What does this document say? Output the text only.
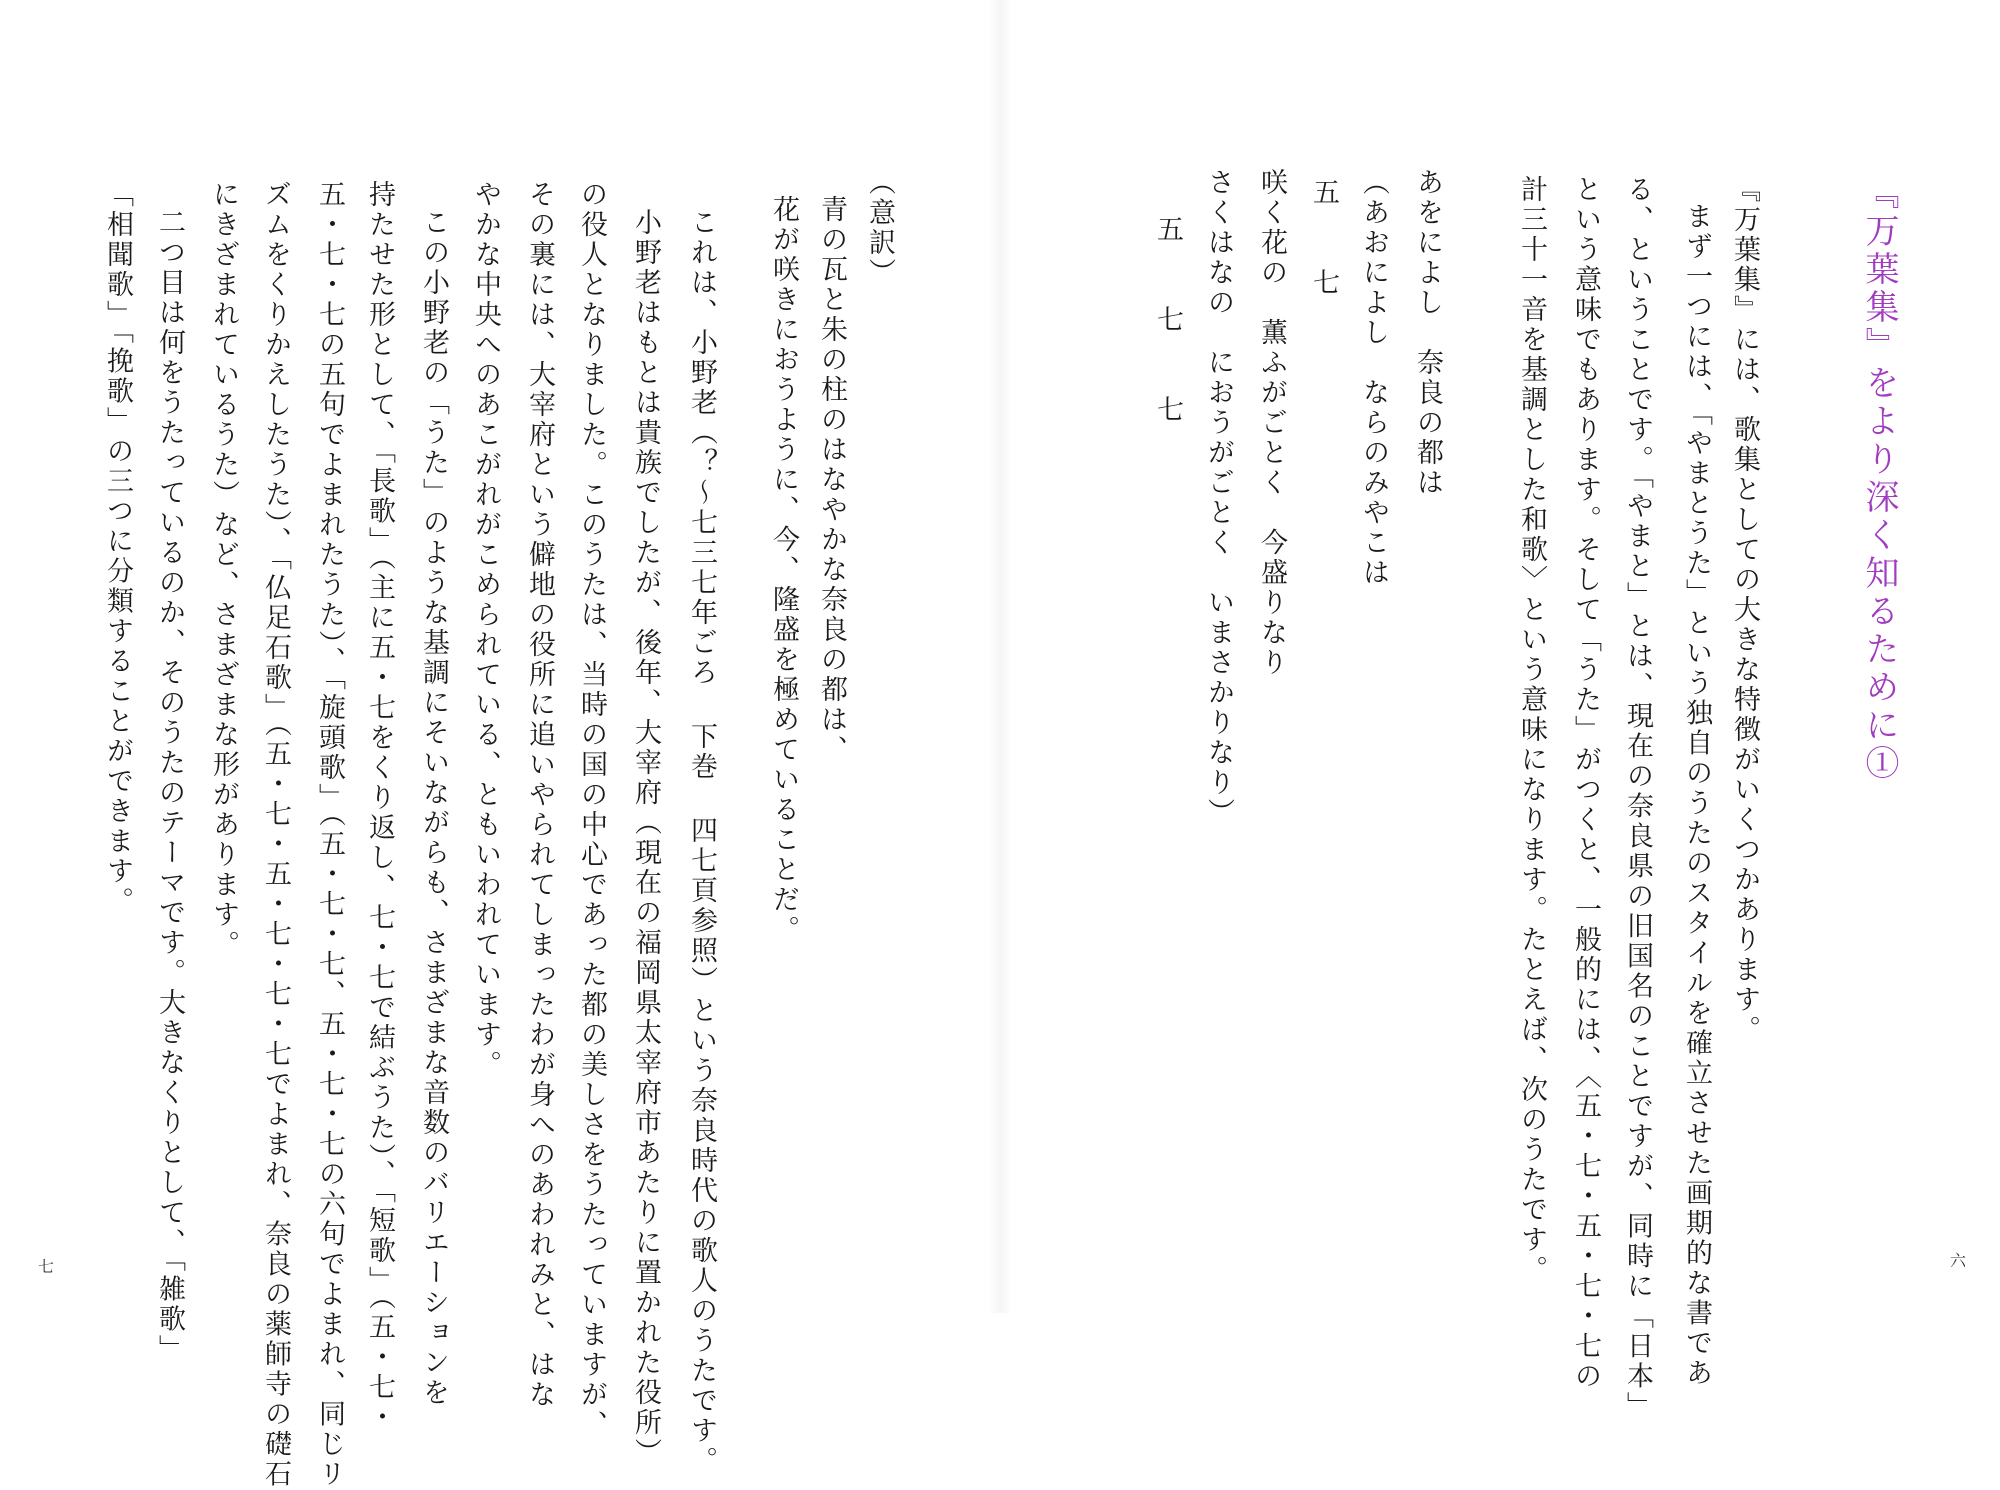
『万葉集』をより深く知るために①
『万葉集』には、歌集としての大きな特徴がいくつかあります。
まず一つには、「やまとうた」という独自のうたのスタイルを確立させた画期的な書であ
る、ということです。「やまと」とは、現在の奈良県の旧国名のことですが、同時に「日本」
という意味でもあります。そして「うた」がつくと、一般的には、〈五・七・五・七・七の
計三十一音を基調とした和歌〉という意味になります。たとえば、次のうたです。
あをによし　奈良の都は
（あおによし　ならのみやこは
五　　七
咲く花の　薫ふがごとく　今盛りなり
さくはなの　におうがごとく　いまさかりなり）
五　　七　　七
六
（意訳）
青の瓦と朱の柱のはなやかな奈良の都は、
花が咲きにおうように、今、隆盛を極めていることだ。
これは、小野老（？〜七三七年ごろ 下巻 四七頁参照）という奈良時代の歌人のうたです。
小野老はもとは貴族でしたが、後年、大宰府（現在の福岡県太宰府市あたりに置かれた役所）
の役人となりました。このうたは、当時の国の中心であった都の美しさをうたっていますが、
その裏には、大宰府という僻地の役所に追いやられてしまったわが身へのあわれみと、はな
やかな中央へのあこがれがこめられている、ともいわれています。
この小野老の「うた」のような基調にそいながらも、さまざまな音数のバリエーションを
持たせた形として、「長歌」（主に五・七をくり返し、七・七で結ぶうた）、「短歌」（五・七・
五・七・七の五句でよまれたうた）、「旋頭歌」（五・七・七、五・七・七の六句でよまれ、同じリ
ズムをくりかえしたうた）、「仏足石歌」（五・七・五・七・七・七でよまれ、奈良の薬師寺の礎石
にきざまれているうた）など、さまざまな形があります。
二つ目は何をうたっているのか、そのうたのテーマです。大きなくりとして、「雑歌」
「相聞歌」「挽歌」の三つに分類することができます。
七
